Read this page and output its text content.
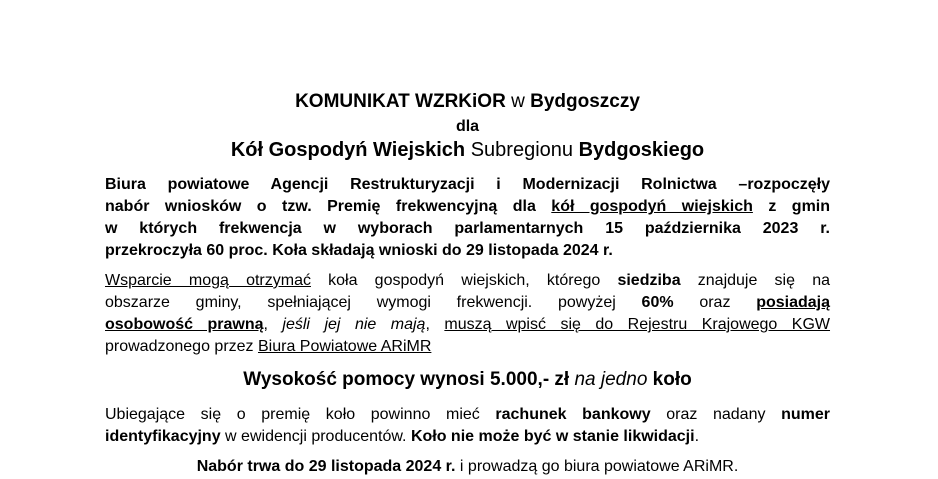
KOMUNIKAT WZRKiOR w Bydgoszczy
dla
Kół Gospodyń Wiejskich Subregionu Bydgoskiego
Biura powiatowe Agencji Restrukturyzacji i Modernizacji Rolnictwa –rozpoczęły
nabór wniosków o tzw. Premię frekwencyjną dla kół gospodyń wiejskich z gmin
w których frekwencja w wyborach parlamentarnych 15 października 2023 r.
przekroczyła 60 proc. Koła składają wnioski do 29 listopada 2024 r.
Wsparcie mogą otrzymać koła gospodyń wiejskich, którego siedziba znajduje się na
obszarze gminy, spełniającej wymogi frekwencji. powyżej 60% oraz posiadają
osobowość prawną, jeśli jej nie mają, muszą wpisć się do Rejestru Krajowego KGW
prowadzonego przez Biura Powiatowe ARiMR
Wysokość pomocy wynosi 5.000,- zł na jedno koło
Ubiegające się o premię koło powinno mieć rachunek bankowy oraz nadany numer
identyfikacyjny w ewidencji producentów. Koło nie może być w stanie likwidacji.
Nabór trwa do 29 listopada 2024 r. i prowadzą go biura powiatowe ARiMR.
